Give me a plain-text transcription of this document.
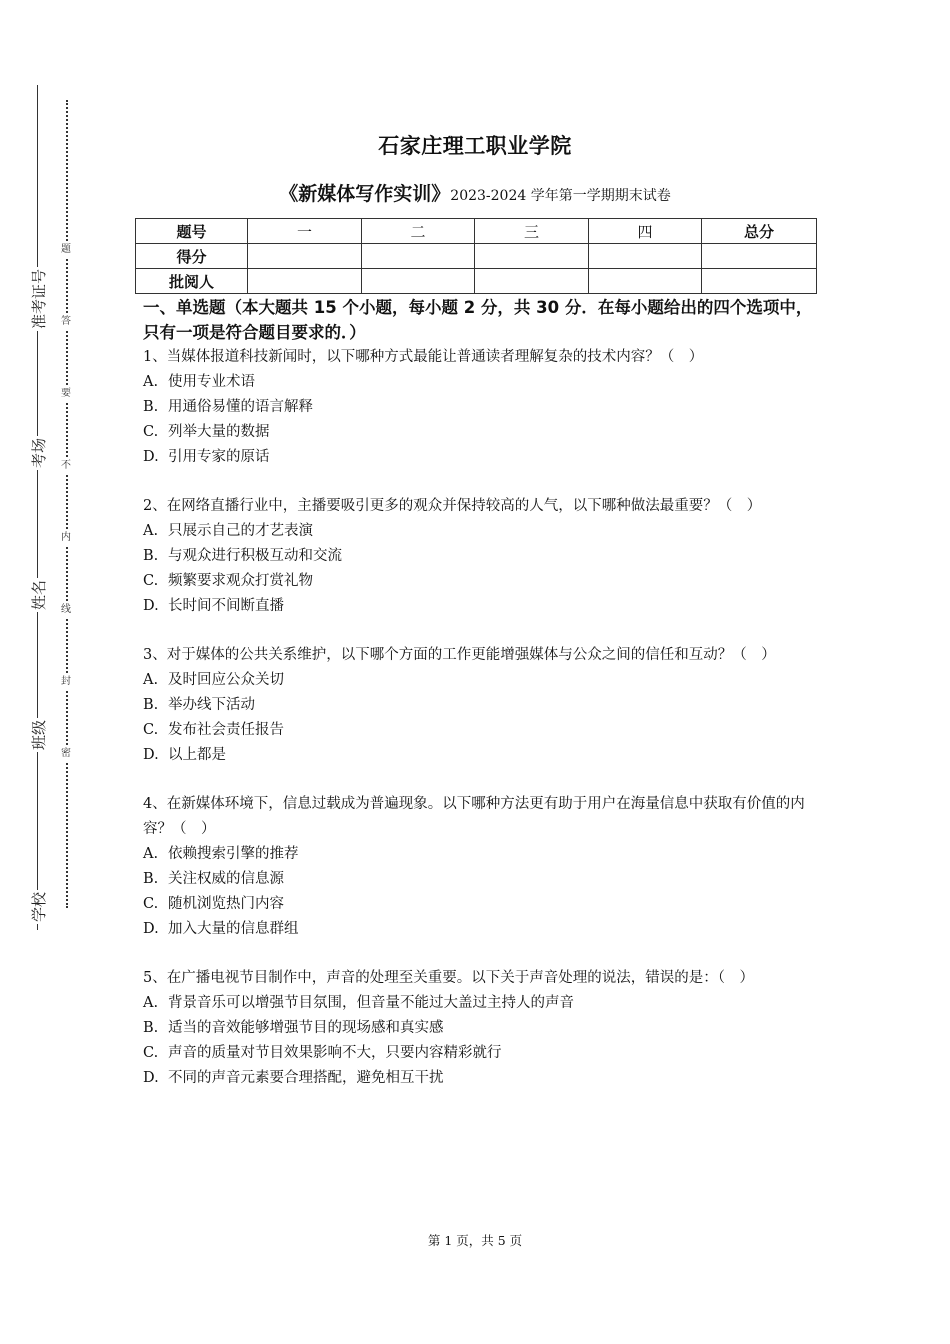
准考证号
考场
姓名
班级
学校
题
答
要
不
内
线
封
密
石家庄理工职业学院
《新媒体写作实训》2023-2024 学年第一学期期末试卷
题号	一	二	三	四	总分
得分					
批阅人					
一、单选题（本大题共 15 个小题，每小题 2 分，共 30 分．在每小题给出的四个选项中，只有一项是符合题目要求的．）

1、当媒体报道科技新闻时，以下哪种方式最能让普通读者理解复杂的技术内容？（　）

A. 使用专业术语
B. 用通俗易懂的语言解释
C. 列举大量的数据
D. 引用专家的原话

2、在网络直播行业中，主播要吸引更多的观众并保持较高的人气，以下哪种做法最重要？（　）

A. 只展示自己的才艺表演
B. 与观众进行积极互动和交流
C. 频繁要求观众打赏礼物
D. 长时间不间断直播

3、对于媒体的公共关系维护，以下哪个方面的工作更能增强媒体与公众之间的信任和互动？（　）

A. 及时回应公众关切
B. 举办线下活动
C. 发布社会责任报告
D. 以上都是

4、在新媒体环境下，信息过载成为普遍现象。以下哪种方法更有助于用户在海量信息中获取有价值的内容？（　）

A. 依赖搜索引擎的推荐
B. 关注权威的信息源
C. 随机浏览热门内容
D. 加入大量的信息群组

5、在广播电视节目制作中，声音的处理至关重要。以下关于声音处理的说法，错误的是：（　）

A. 背景音乐可以增强节目氛围，但音量不能过大盖过主持人的声音
B. 适当的音效能够增强节目的现场感和真实感
C. 声音的质量对节目效果影响不大，只要内容精彩就行
D. 不同的声音元素要合理搭配，避免相互干扰
第 1 页，共 5 页
